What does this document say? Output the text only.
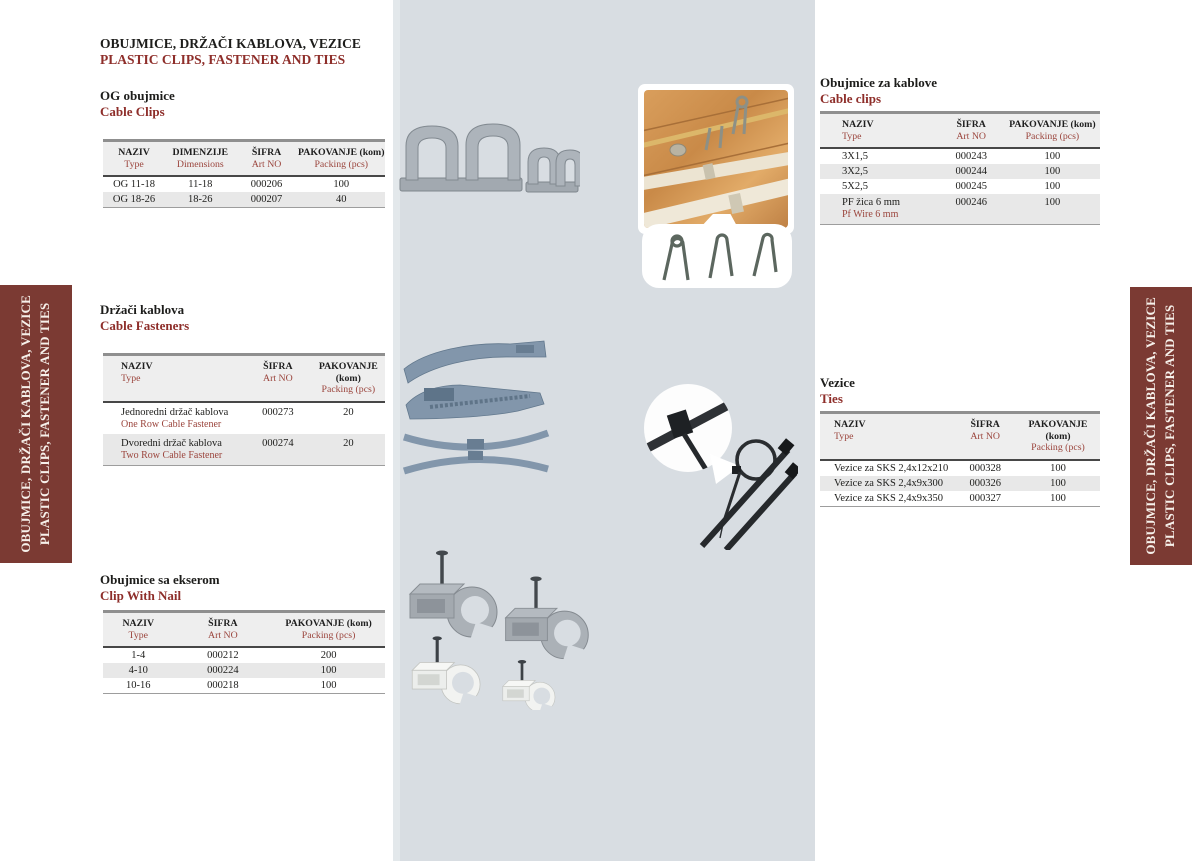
OBUJMICE, DRŽAČI KABLOVA, VEZICE PLASTIC CLIPS, FASTENER AND TIES	OBUJMICE, DRŽAČI KABLOVA, VEZICE PLASTIC CLIPS, FASTENER AND TIES
OBUJMICE, DRŽAČI KABLOVA, VEZICE
PLASTIC CLIPS, FASTENER AND TIES
OG obujmice
Cable Clips
NAZIV
Type
DIMENZIJE
Dimensions
ŠIFRA
Art NO
PAKOVANJE (kom)
Packing (pcs)
OG 11-18	11-18	000206	100
OG 18-26	18-26	000207	40
Držači kablova
Cable Fasteners
NAZIV
Type
ŠIFRA
Art NO
PAKOVANJE (kom)
Packing (pcs)
Jednoredni držač kablova
One Row Cable Fastener
000273	20
Dvoredni držač kablova
Two Row Cable Fastener
000274	20
Obujmice sa ekserom
Clip With Nail
NAZIV
Type
ŠIFRA
Art NO
PAKOVANJE (kom)
Packing (pcs)
1-4	000212	200
4-10	000224	100
10-16	000218	100
Obujmice za kablove
Cable clips
NAZIV
Type
ŠIFRA
Art NO
PAKOVANJE (kom)
Packing (pcs)
3X1,5	000243	100
3X2,5	000244	100
5X2,5	000245	100
PF žica 6 mm
Pf Wire 6 mm
000246	100
Vezice
Ties
NAZIV
Type
ŠIFRA
Art NO
PAKOVANJE (kom)
Packing (pcs)
Vezice za SKS 2,4x12x210	000328	100
Vezice za SKS 2,4x9x300	000326	100
Vezice za SKS 2,4x9x350	000327	100
